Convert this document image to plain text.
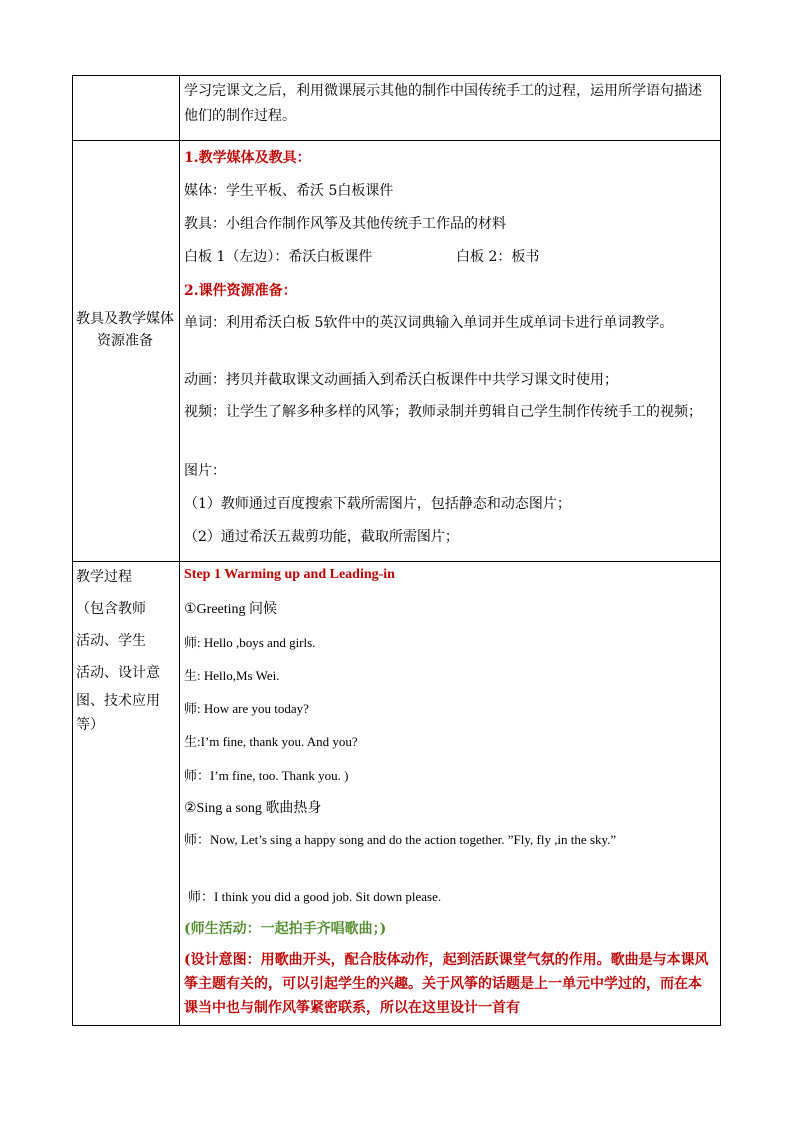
学习完课文之后，利用微课展示其他的制作中国传统手工的过程，运用所学语句描述他们的制作过程。
教具及教学媒体资源准备
1.教学媒体及教具：
媒体：学生平板、希沃 5白板课件
教具：小组合作制作风筝及其他传统手工作品的材料
白板 1（左边）：希沃白板课件	白板 2：板书
2.课件资源准备：
单词：利用希沃白板 5软件中的英汉词典输入单词并生成单词卡进行单词教学。
动画：拷贝并截取课文动画插入到希沃白板课件中共学习课文时使用；
视频：让学生了解多种多样的风筝；教师录制并剪辑自己学生制作传统手工的视频；
图片：
（1）教师通过百度搜索下载所需图片，包括静态和动态图片；
（2）通过希沃五裁剪功能，截取所需图片；
教学过程
（包含教师
活动、学生
活动、设计意
图、技术应用
等）
Step 1 Warming up and Leading-in
①Greeting 问候
师: Hello ,boys and girls.
生: Hello,Ms Wei.
师: How are you today?
生:I’m fine, thank you. And you?
师：I’m fine, too. Thank you. )
②Sing a song 歌曲热身
师：Now, Let’s sing a happy song and do the action together. ”Fly, fly ,in the sky.”
师：I think you did a good job. Sit down please.
(师生活动：一起拍手齐唱歌曲；)
(设计意图：用歌曲开头，配合肢体动作，起到活跃课堂气氛的作用。歌曲是与本课风筝主题有关的，可以引起学生的兴趣。关于风筝的话题是上一单元中学过的，而在本课当中也与制作风筝紧密联系，所以在这里设计一首有
